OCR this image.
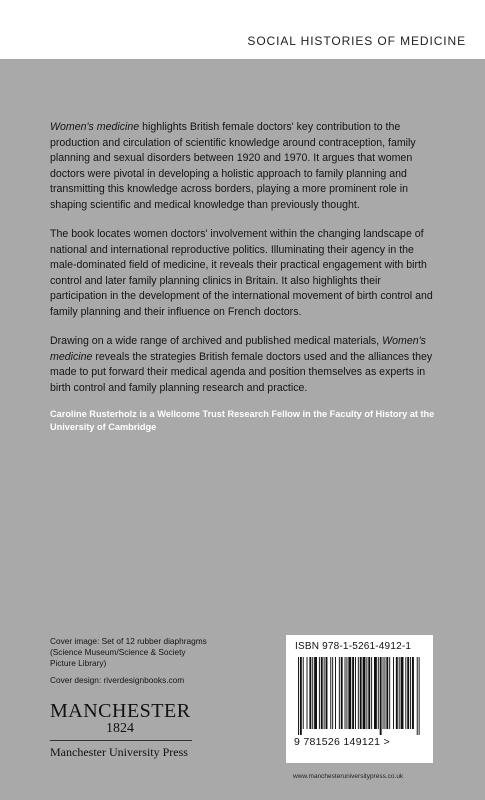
SOCIAL HISTORIES OF MEDICINE

Women's medicine highlights British female doctors' key contribution to the production and circulation of scientific knowledge around contraception, family planning and sexual disorders between 1920 and 1970. It argues that women doctors were pivotal in developing a holistic approach to family planning and transmitting this knowledge across borders, playing a more prominent role in shaping scientific and medical knowledge than previously thought.

The book locates women doctors' involvement within the changing landscape of national and international reproductive politics. Illuminating their agency in the male-dominated field of medicine, it reveals their practical engagement with birth control and later family planning clinics in Britain. It also highlights their participation in the development of the international movement of birth control and family planning and their influence on French doctors.

Drawing on a wide range of archived and published medical materials, Women's medicine reveals the strategies British female doctors used and the alliances they made to put forward their medical agenda and position themselves as experts in birth control and family planning research and practice.

Caroline Rusterholz is a Wellcome Trust Research Fellow in the Faculty of History at the University of Cambridge
Cover image: Set of 12 rubber diaphragms
(Science Museum/Science & Society
Picture Library)
Cover design: riverdesignbooks.com
MANCHESTER
1824
Manchester University Press
ISBN 978-1-5261-4912-1
9 781526 149121 >
www.manchesteruniversitypress.co.uk
